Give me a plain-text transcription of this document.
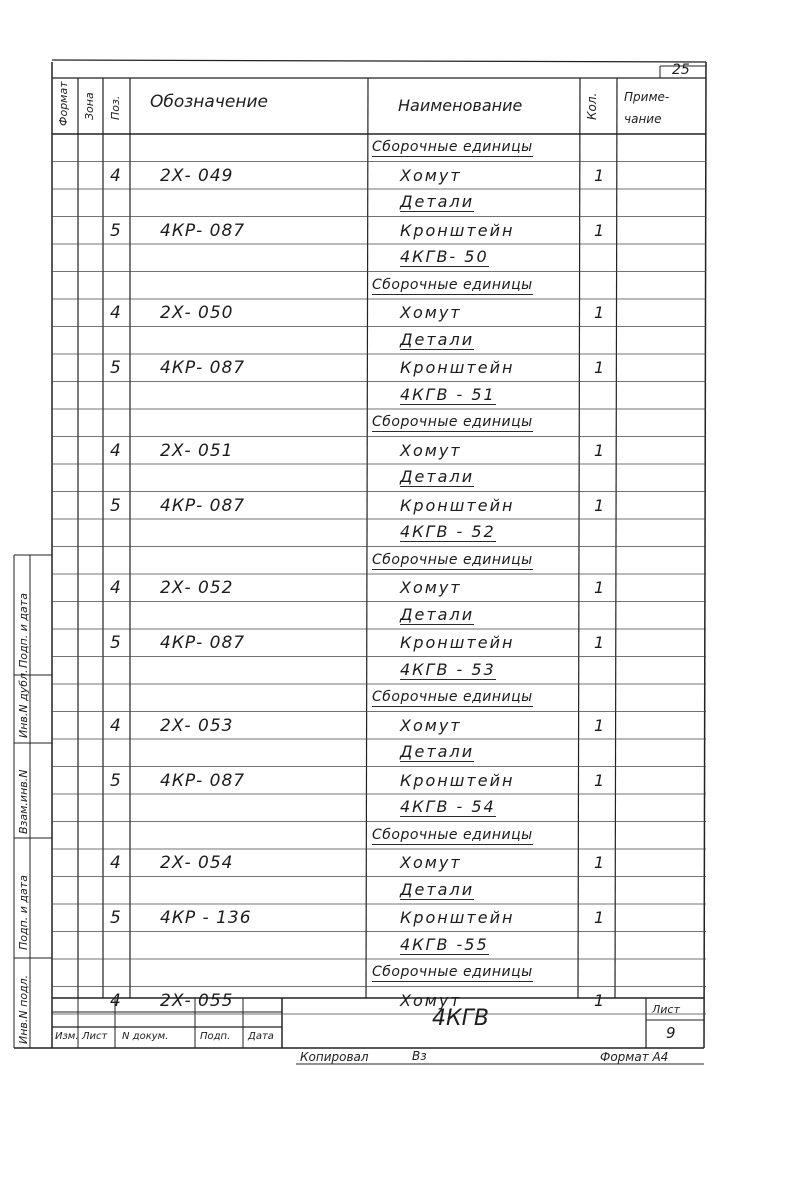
25
Формат Зона Поз. Обозначение	Наименование	Кол. Приме-
чание
Сборочные единицы
4 2Х- 049	Хомут	1
Детали
5 4КР- 087	Кронштейн	1
4КГВ- 50
Сборочные единицы
4 2Х- 050	Хомут	1
Детали
5 4КР- 087	Кронштейн	1
4КГВ - 51
Сборочные единицы
4 2Х- 051	Хомут	1
Детали
5 4КР- 087	Кронштейн	1
4КГВ - 52
Сборочные единицы
4 2Х- 052	Хомут	1
Детали
5 4КР- 087	Кронштейн	1
4КГВ - 53
Сборочные единицы
4 2Х- 053	Хомут	1
Детали
5 4КР- 087	Кронштейн	1
4КГВ - 54
Сборочные единицы
4 2Х- 054	Хомут	1
Детали
5 4КР - 136	Кронштейн	1
4КГВ -55
Сборочные единицы
4 2Х- 055	Хомут	1
Инв.N подл.
Подп. и дата
Взам.инв.N
Инв.N дубл.
Подп. и дата
Изм. Лист N докум.	Подп. Дата
4КГВ	Лист
9
Копировал	Вз	Формат А4
